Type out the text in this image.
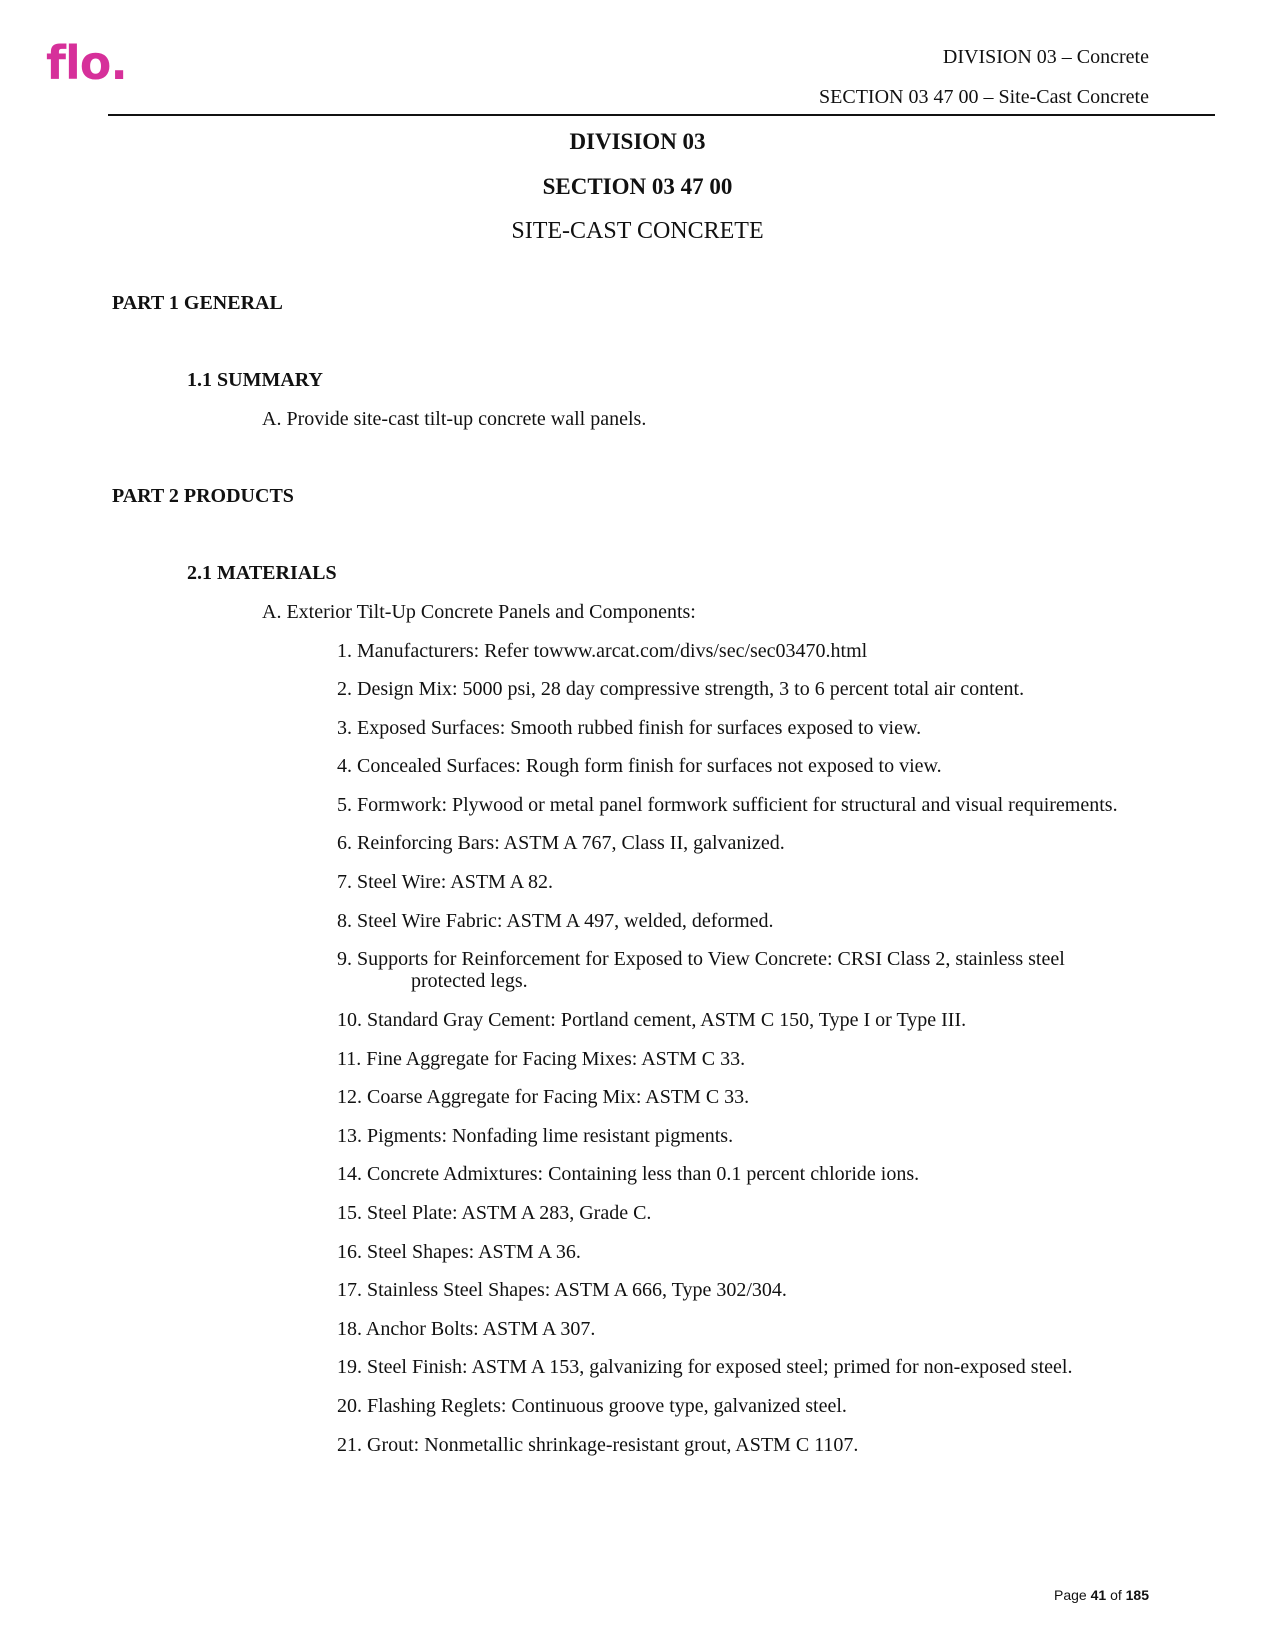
flo.	DIVISION 03 – Concrete
SECTION 03 47 00 – Site-Cast Concrete
DIVISION 03
SECTION 03 47 00
SITE-CAST CONCRETE
PART 1 GENERAL
1.1 SUMMARY
A. Provide site-cast tilt-up concrete wall panels.
PART 2 PRODUCTS
2.1 MATERIALS
A. Exterior Tilt-Up Concrete Panels and Components:
1. Manufacturers: Refer towww.arcat.com/divs/sec/sec03470.html
2. Design Mix: 5000 psi, 28 day compressive strength, 3 to 6 percent total air content.
3. Exposed Surfaces: Smooth rubbed finish for surfaces exposed to view.
4. Concealed Surfaces: Rough form finish for surfaces not exposed to view.
5. Formwork: Plywood or metal panel formwork sufficient for structural and visual requirements.
6. Reinforcing Bars: ASTM A 767, Class II, galvanized.
7. Steel Wire: ASTM A 82.
8. Steel Wire Fabric: ASTM A 497, welded, deformed.
9. Supports for Reinforcement for Exposed to View Concrete: CRSI Class 2, stainless steel
protected legs.
10. Standard Gray Cement: Portland cement, ASTM C 150, Type I or Type III.
11. Fine Aggregate for Facing Mixes: ASTM C 33.
12. Coarse Aggregate for Facing Mix: ASTM C 33.
13. Pigments: Nonfading lime resistant pigments.
14. Concrete Admixtures: Containing less than 0.1 percent chloride ions.
15. Steel Plate: ASTM A 283, Grade C.
16. Steel Shapes: ASTM A 36.
17. Stainless Steel Shapes: ASTM A 666, Type 302/304.
18. Anchor Bolts: ASTM A 307.
19. Steel Finish: ASTM A 153, galvanizing for exposed steel; primed for non-exposed steel.
20. Flashing Reglets: Continuous groove type, galvanized steel.
21. Grout: Nonmetallic shrinkage-resistant grout, ASTM C 1107.
Page 41 of 185
